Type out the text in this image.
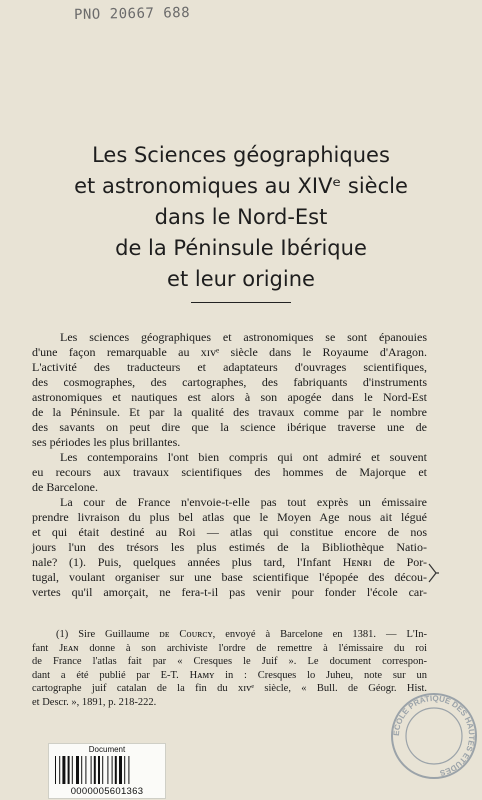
PNO 20667 688
Les Sciences géographiques
et astronomiques au XIVᵉ siècle
dans le Nord-Est
de la Péninsule Ibérique
et leur origine

Les sciences géographiques et astronomiques se sont épanouies
d'une façon remarquable au xɪᴠᵉ siècle dans le Royaume d'Aragon.
L'activité des traducteurs et adaptateurs d'ouvrages scientifiques,
des cosmographes, des cartographes, des fabriquants d'instruments
astronomiques et nautiques est alors à son apogée dans le Nord-Est
de la Péninsule. Et par la qualité des travaux comme par le nombre
des savants on peut dire que la science ibérique traverse une de
ses périodes les plus brillantes.

Les contemporains l'ont bien compris qui ont admiré et souvent
eu recours aux travaux scientifiques des hommes de Majorque et
de Barcelone.

La cour de France n'envoie-t-elle pas tout exprès un émissaire
prendre livraison du plus bel atlas que le Moyen Age nous ait légué
et qui était destiné au Roi — atlas qui constitue encore de nos
jours l'un des trésors les plus estimés de la Bibliothèque Natio-
nale? (1). Puis, quelques années plus tard, l'Infant Hᴇɴʀɪ de Por-
tugal, voulant organiser sur une base scientifique l'épopée des décou-
vertes qu'il amorçait, ne fera-t-il pas venir pour fonder l'école car-

(1) Sire Guillaume ᴅᴇ Cᴏᴜʀᴄʏ, envoyé à Barcelone en 1381. — L'In-
fant Jᴇᴀɴ donne à son archiviste l'ordre de remettre à l'émissaire du roi
de France l'atlas fait par « Cresques le Juif ». Le document correspon-
dant a été publié par E-T. Hᴀᴍʏ in : Cresques lo Juheu, note sur un
cartographe juif catalan de la fin du xɪᴠᵉ siècle, « Bull. de Géogr. Hist.
et Descr. », 1891, p. 218-222.
Document
0000005601363
ÉCOLE PRATIQUE DES HAUTES ÉTUDES
